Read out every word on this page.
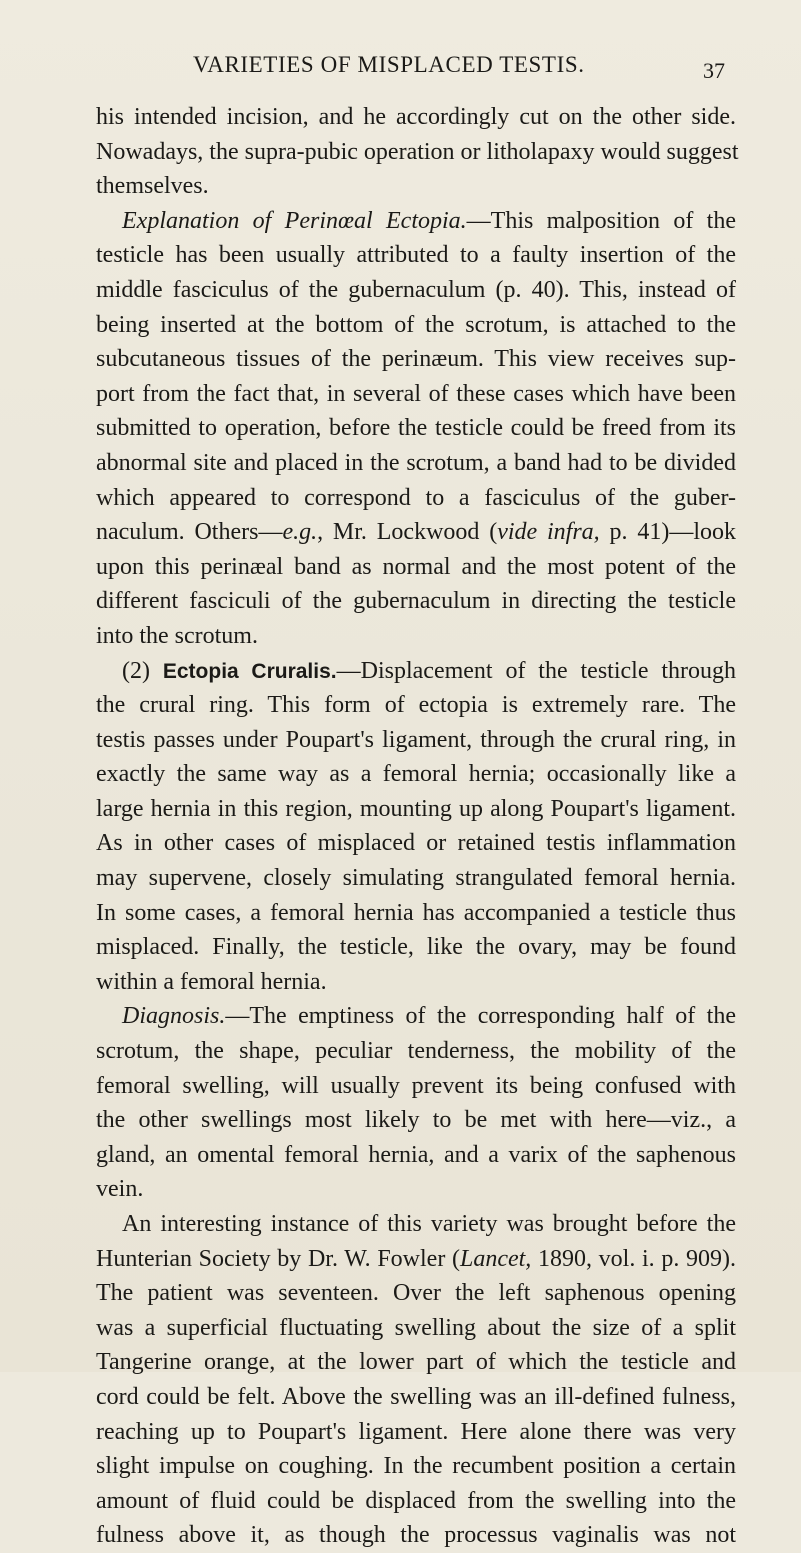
VARIETIES OF MISPLACED TESTIS.	37
his intended incision, and he accordingly cut on the other side.
Nowadays, the supra-pubic operation or litholapaxy would suggest
themselves.
Explanation of Perinœal Ectopia.—This malposition of the
testicle has been usually attributed to a faulty insertion of the
middle fasciculus of the gubernaculum (p. 40). This, instead of
being inserted at the bottom of the scrotum, is attached to the
subcutaneous tissues of the perinæum. This view receives sup-
port from the fact that, in several of these cases which have been
submitted to operation, before the testicle could be freed from its
abnormal site and placed in the scrotum, a band had to be divided
which appeared to correspond to a fasciculus of the guber-
naculum. Others—e.g., Mr. Lockwood (vide infra, p. 41)—look
upon this perinæal band as normal and the most potent of the
different fasciculi of the gubernaculum in directing the testicle
into the scrotum.
(2) Ectopia Cruralis.—Displacement of the testicle through
the crural ring. This form of ectopia is extremely rare. The
testis passes under Poupart's ligament, through the crural ring, in
exactly the same way as a femoral hernia; occasionally like a
large hernia in this region, mounting up along Poupart's ligament.
As in other cases of misplaced or retained testis inflammation
may supervene, closely simulating strangulated femoral hernia.
In some cases, a femoral hernia has accompanied a testicle thus
misplaced. Finally, the testicle, like the ovary, may be found
within a femoral hernia.
Diagnosis.—The emptiness of the corresponding half of the
scrotum, the shape, peculiar tenderness, the mobility of the
femoral swelling, will usually prevent its being confused with
the other swellings most likely to be met with here—viz., a
gland, an omental femoral hernia, and a varix of the saphenous
vein.
An interesting instance of this variety was brought before the
Hunterian Society by Dr. W. Fowler (Lancet, 1890, vol. i. p. 909).
The patient was seventeen. Over the left saphenous opening
was a superficial fluctuating swelling about the size of a split
Tangerine orange, at the lower part of which the testicle and
cord could be felt. Above the swelling was an ill-defined fulness,
reaching up to Poupart's ligament. Here alone there was very
slight impulse on coughing. In the recumbent position a certain
amount of fluid could be displaced from the swelling into the
fulness above it, as though the processus vaginalis was not
